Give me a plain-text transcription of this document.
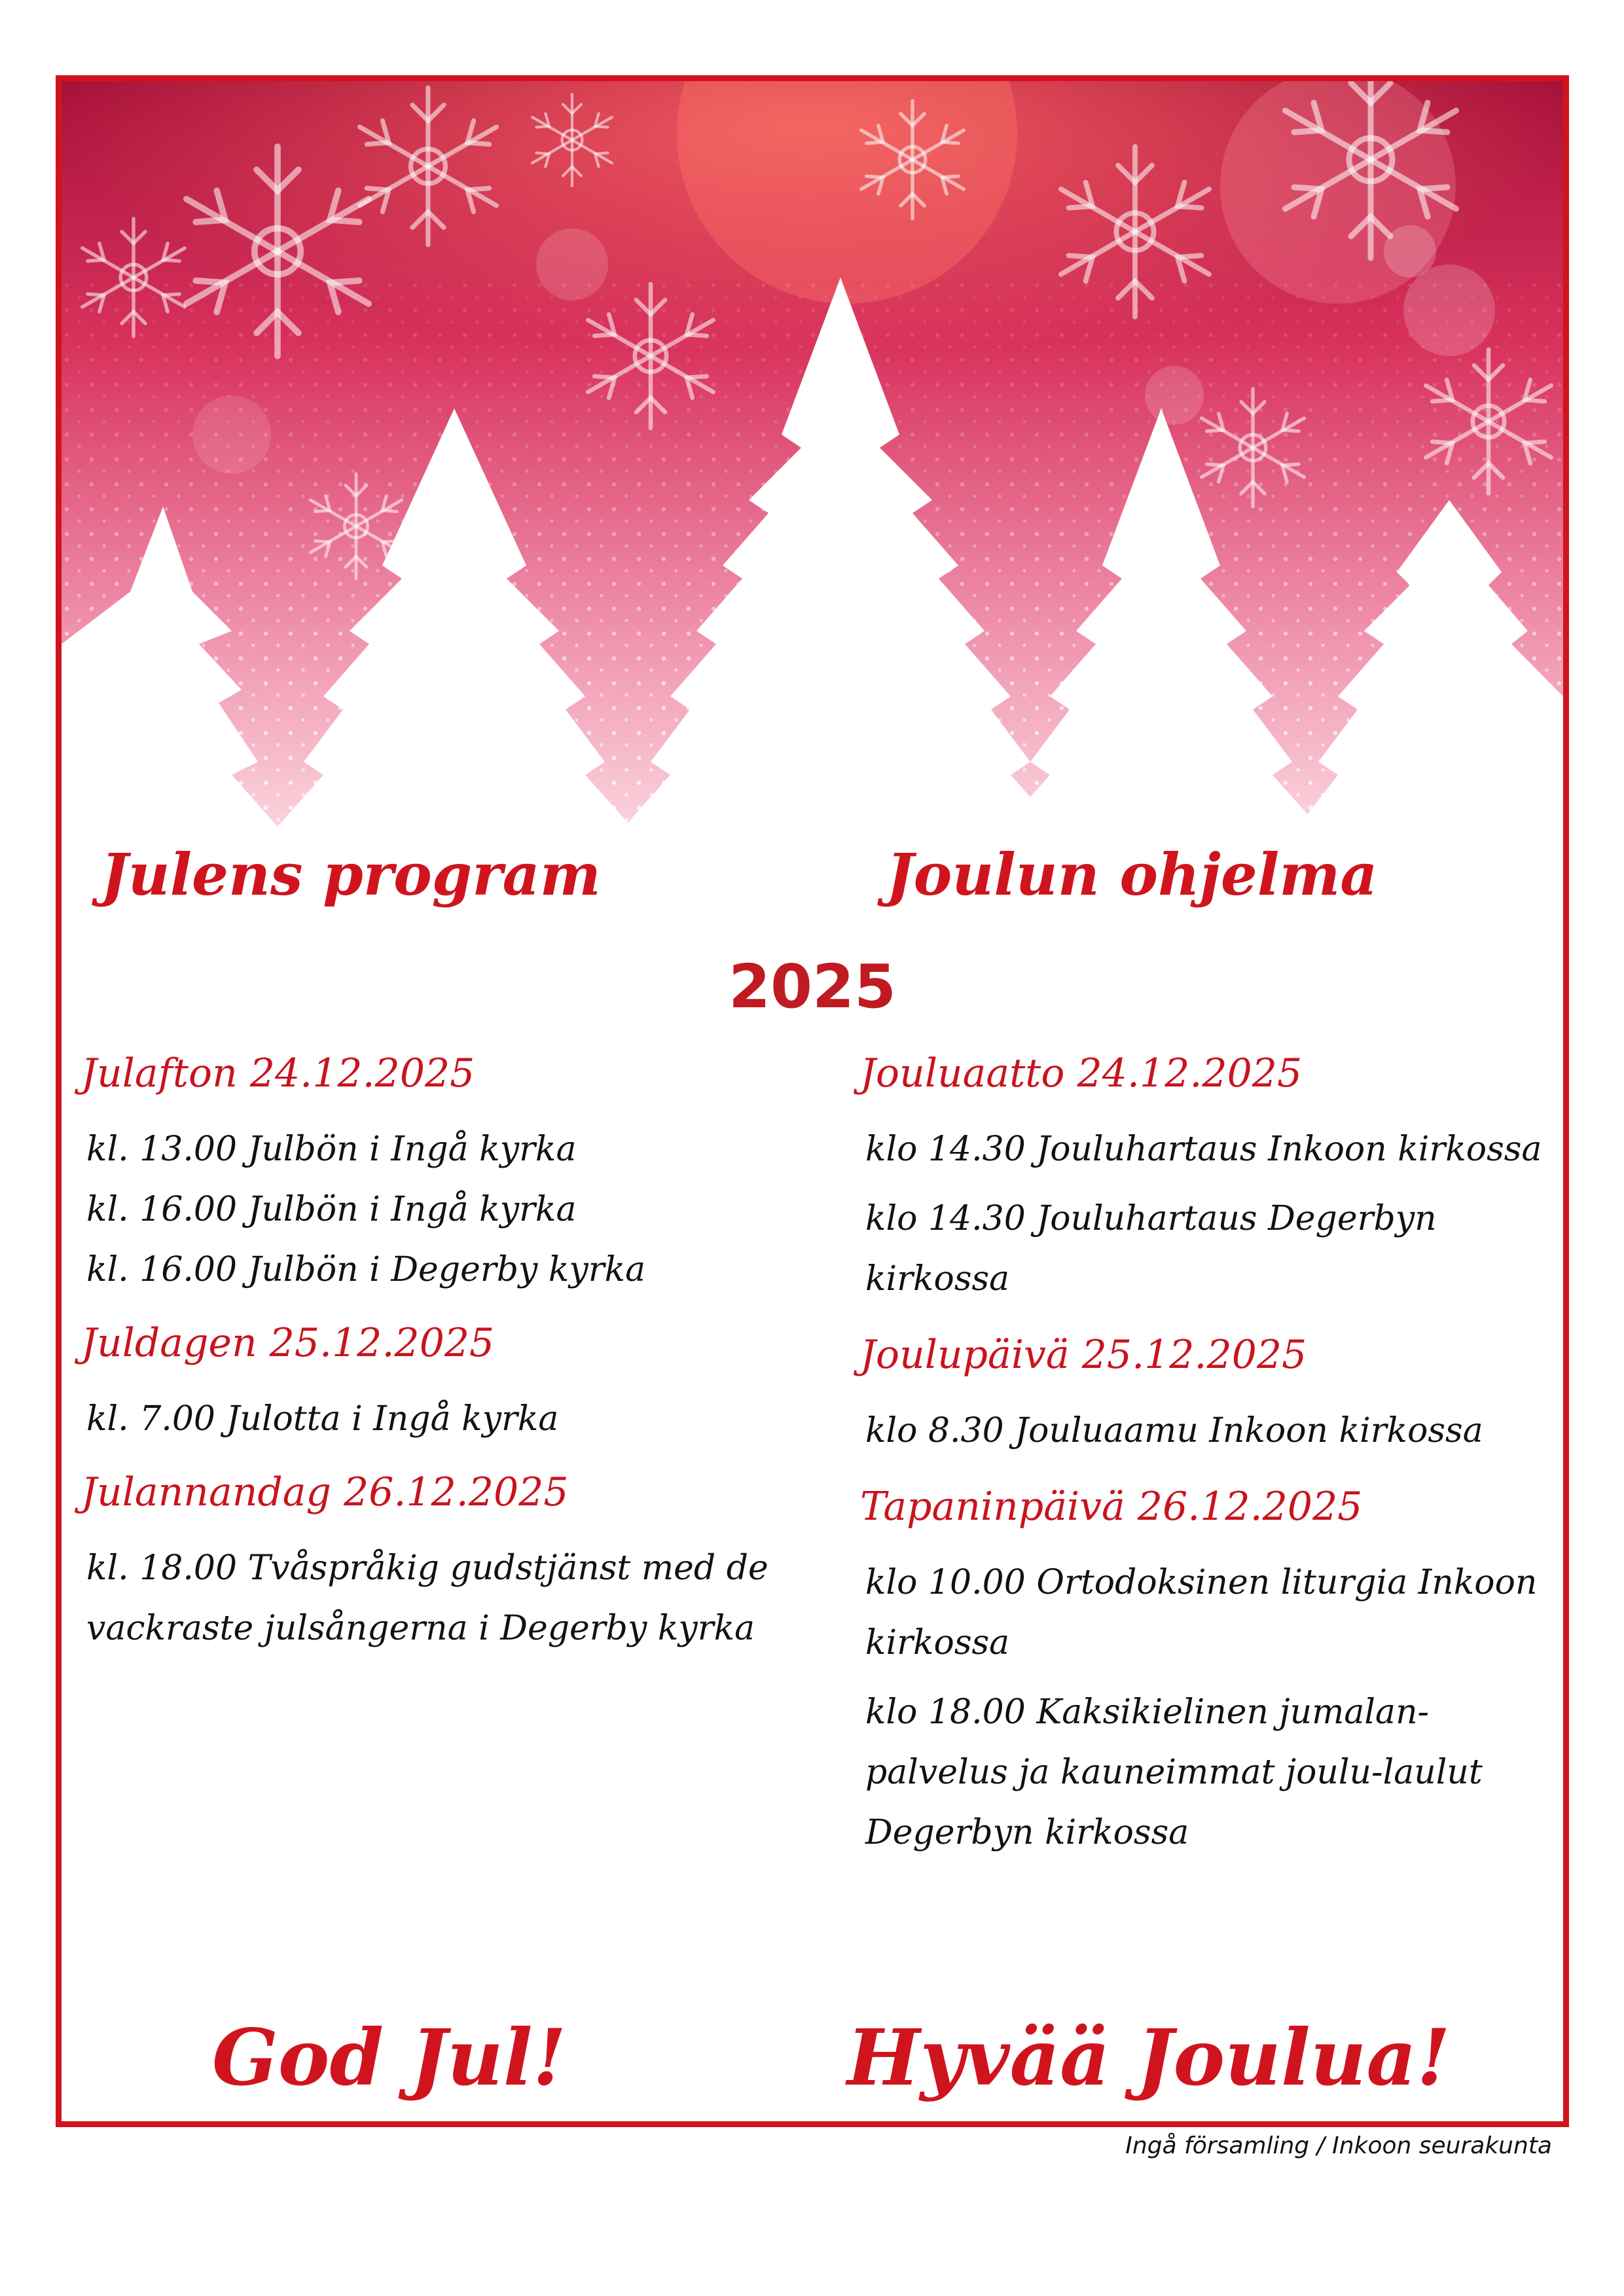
Julens program	Joulun ohjelma
2025
Julafton 24.12.2025
kl. 13.00 Julbön i Ingå kyrka
kl. 16.00 Julbön i Ingå kyrka
kl. 16.00 Julbön i Degerby kyrka
Juldagen 25.12.2025
kl. 7.00 Julotta i Ingå kyrka
Julannandag 26.12.2025
kl. 18.00 Tvåspråkig gudstjänst med de vackraste julsångerna i Degerby kyrka
Jouluaatto 24.12.2025
klo 14.30 Jouluhartaus Inkoon kirkossa
klo 14.30 Jouluhartaus Degerbyn kirkossa
Joulupäivä 25.12.2025
klo 8.30 Jouluaamu Inkoon kirkossa
Tapaninpäivä 26.12.2025
klo 10.00 Ortodoksinen liturgia Inkoon kirkossa
klo 18.00 Kaksikielinen jumalan-palvelus ja kauneimmat joulu-laulut Degerbyn kirkossa
God Jul!	Hyvää Joulua!
Ingå församling / Inkoon seurakunta
